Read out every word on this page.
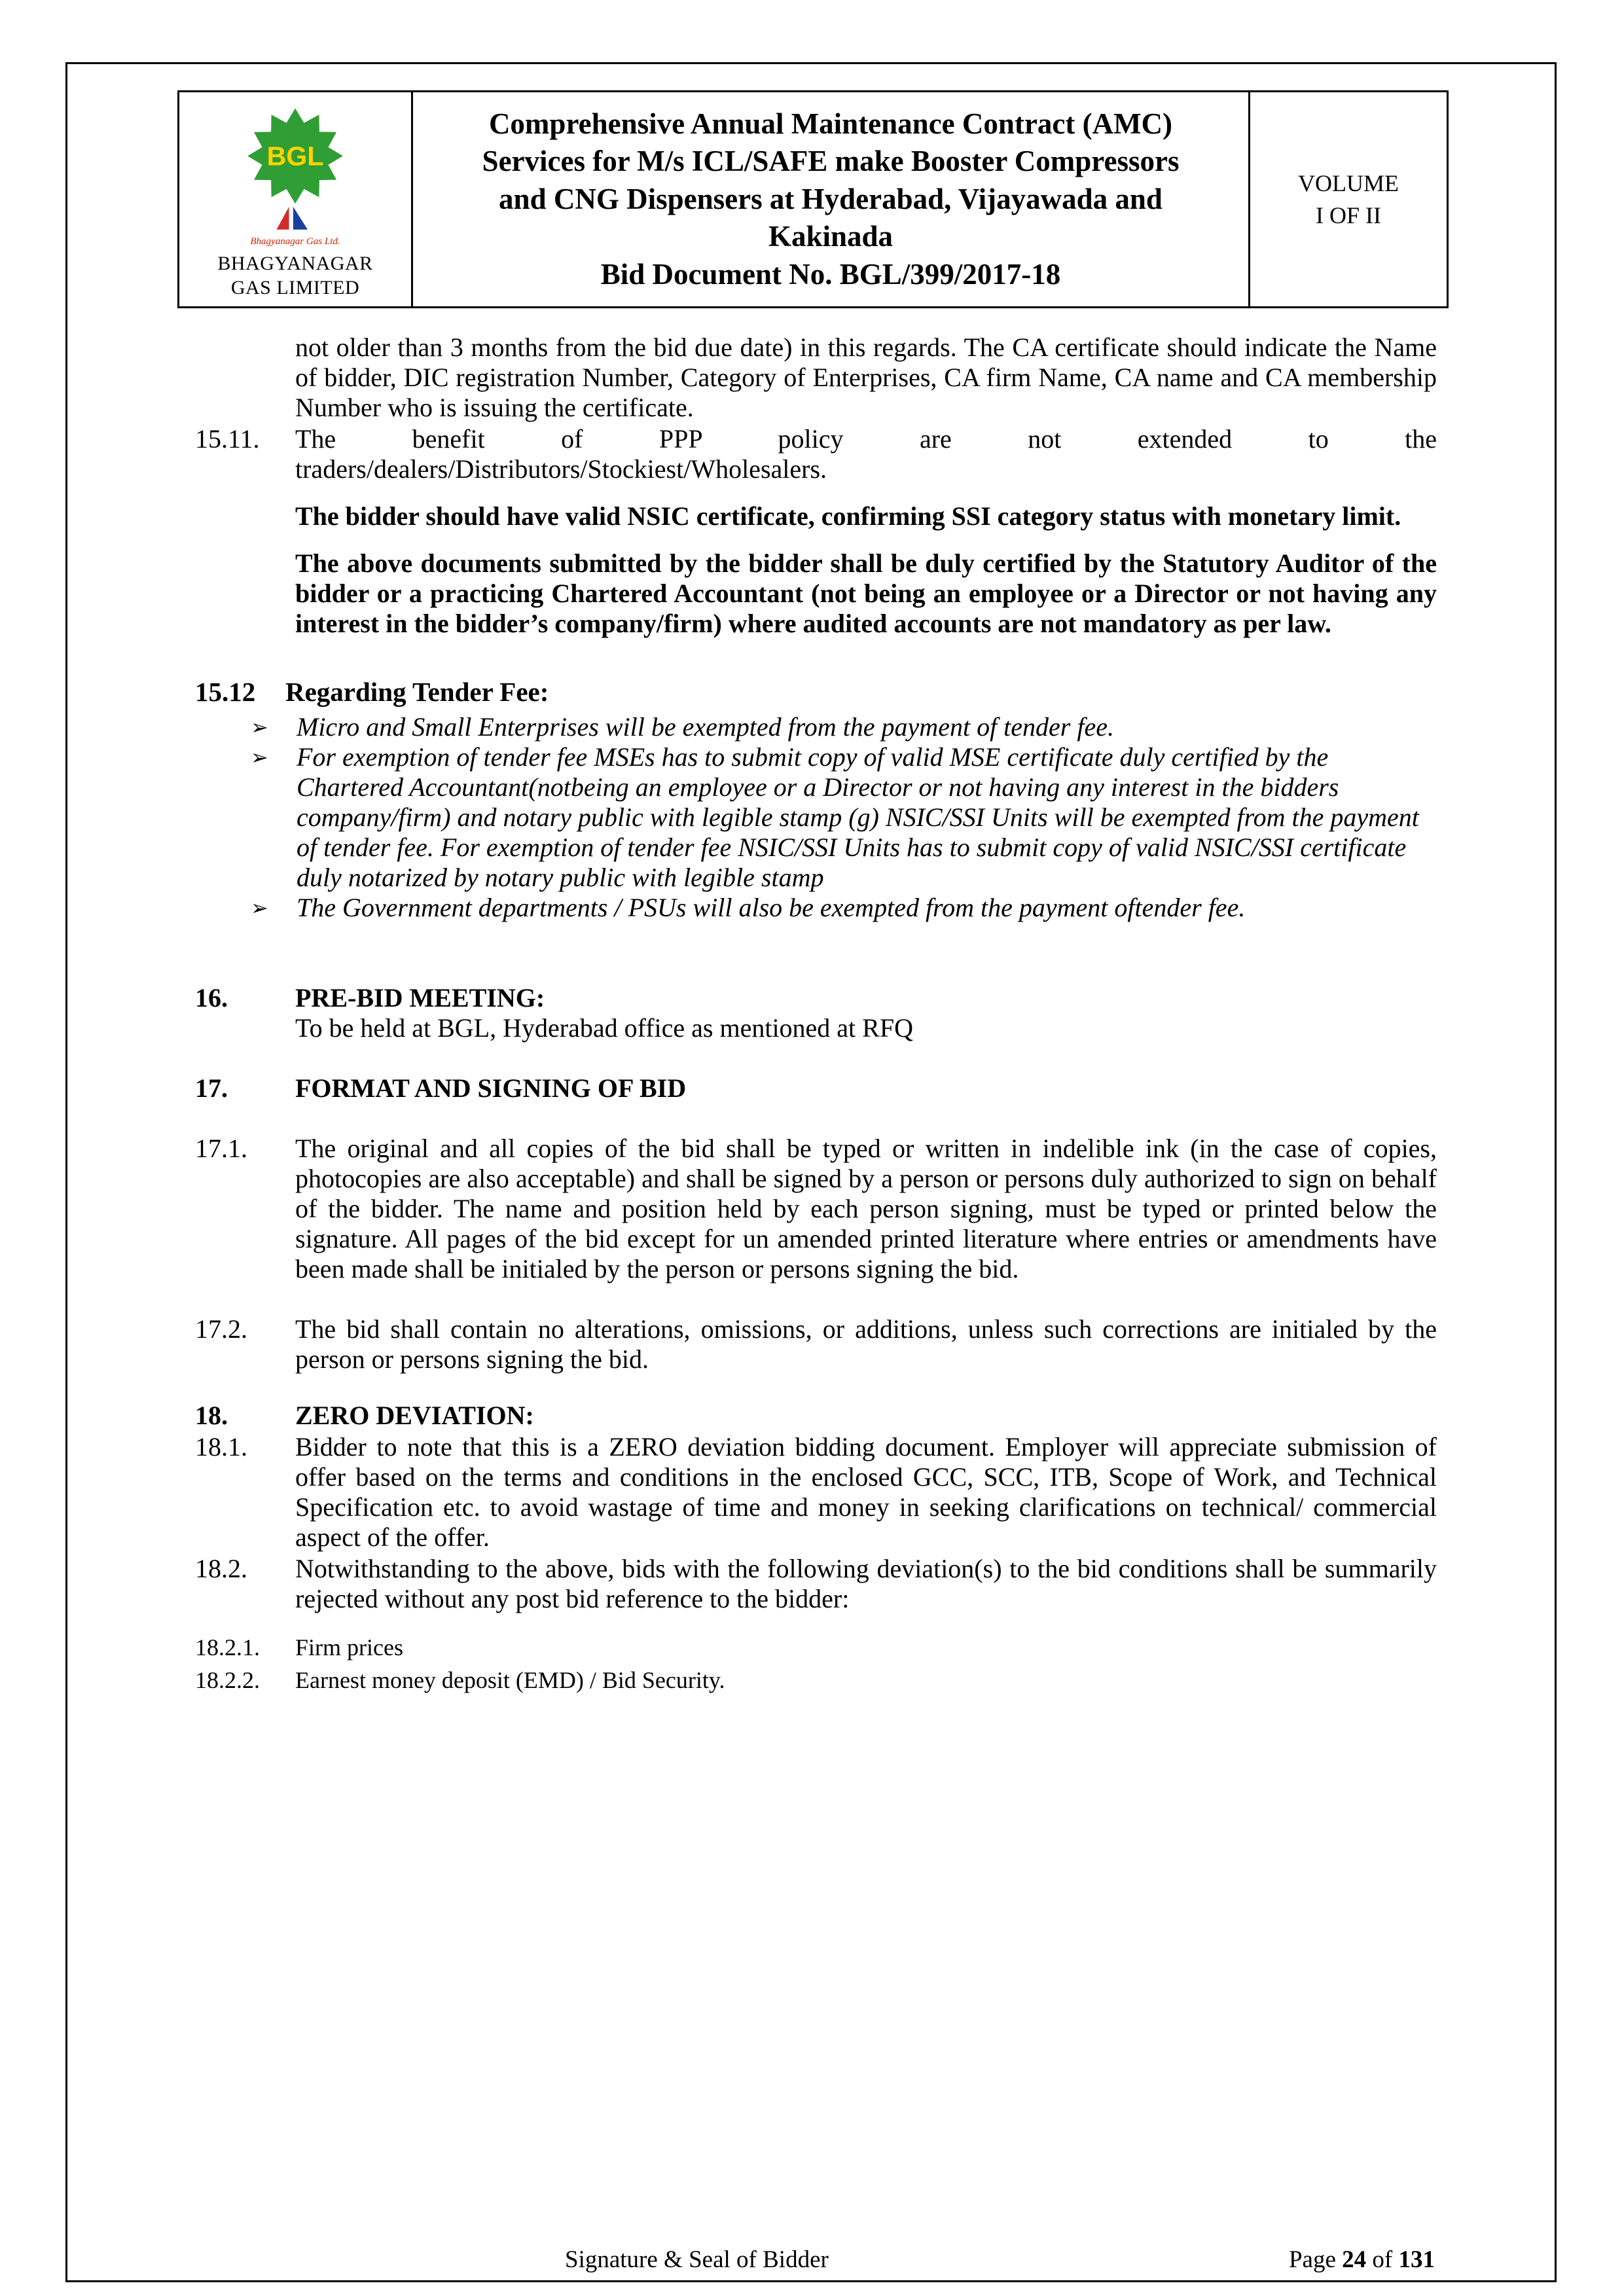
BGL
Bhagyanagar Gas Ltd.
BHAGYANAGAR
GAS LIMITED
Comprehensive Annual Maintenance Contract (AMC)
Services for M/s ICL/SAFE make Booster Compressors
and CNG Dispensers at Hyderabad, Vijayawada and
Kakinada
Bid Document No. BGL/399/2017-18
VOLUME
I OF II
not older than 3 months from the bid due date) in this regards. The CA certificate should indicate the Name of bidder, DIC registration Number, Category of Enterprises, CA firm Name, CA name and CA membership Number who is issuing the certificate.
15.11.	The benefit of PPP policy are not extended to the
traders/dealers/Distributors/Stockiest/Wholesalers.
The bidder should have valid NSIC certificate, confirming SSI category status with monetary limit.
The above documents submitted by the bidder shall be duly certified by the Statutory Auditor of the bidder or a practicing Chartered Accountant (not being an employee or a Director or not having any interest in the bidder’s company/firm) where audited accounts are not mandatory as per law.
15.12	Regarding Tender Fee:
➢	Micro and Small Enterprises will be exempted from the payment of tender fee.
➢	For exemption of tender fee MSEs has to submit copy of valid MSE certificate duly certified by the Chartered Accountant(notbeing an employee or a Director or not having any interest in the bidders company/firm) and notary public with legible stamp (g) NSIC/SSI Units will be exempted from the payment of tender fee. For exemption of tender fee NSIC/SSI Units has to submit copy of valid NSIC/SSI certificate duly notarized by notary public with legible stamp
➢	The Government departments / PSUs will also be exempted from the payment oftender fee.
16.	PRE-BID MEETING:
To be held at BGL, Hyderabad office as mentioned at RFQ
17.	FORMAT AND SIGNING OF BID
17.1.	The original and all copies of the bid shall be typed or written in indelible ink (in the case of copies, photocopies are also acceptable) and shall be signed by a person or persons duly authorized to sign on behalf of the bidder. The name and position held by each person signing, must be typed or printed below the signature. All pages of the bid except for un amended printed literature where entries or amendments have been made shall be initialed by the person or persons signing the bid.
17.2.	The bid shall contain no alterations, omissions, or additions, unless such corrections are initialed by the person or persons signing the bid.
18.	ZERO DEVIATION:
18.1.	Bidder to note that this is a ZERO deviation bidding document. Employer will appreciate submission of offer based on the terms and conditions in the enclosed GCC, SCC, ITB, Scope of Work, and Technical Specification etc. to avoid wastage of time and money in seeking clarifications on technical/ commercial aspect of the offer.
18.2.	Notwithstanding to the above, bids with the following deviation(s) to the bid conditions shall be summarily rejected without any post bid reference to the bidder:
18.2.1.	Firm prices
18.2.2.	Earnest money deposit (EMD) / Bid Security.
Signature & Seal of Bidder	Page 24 of 131
